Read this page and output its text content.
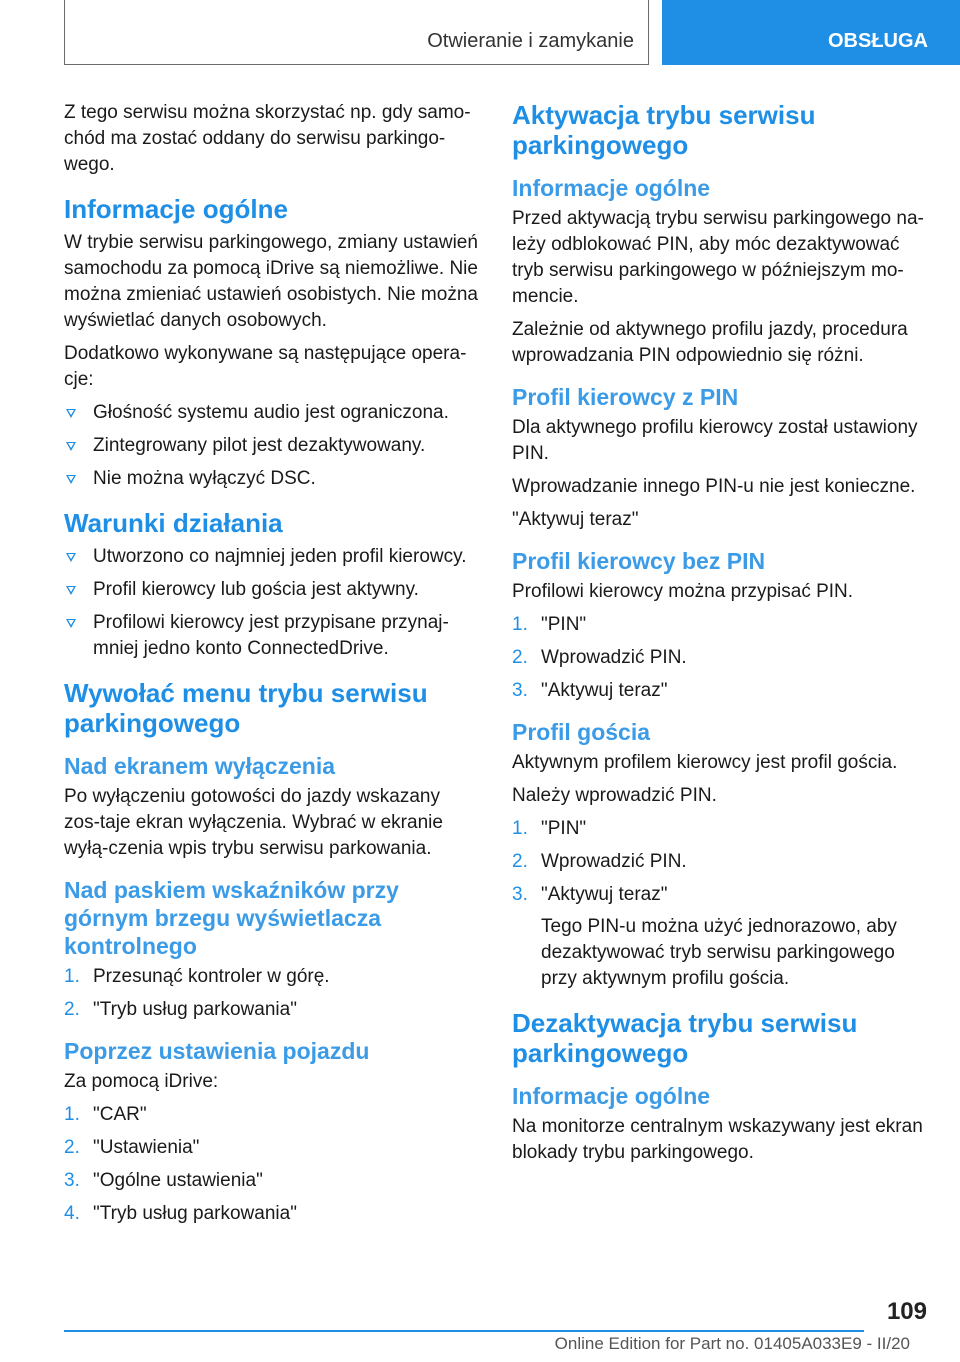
Otwieranie i zamykanie	OBSŁUGA

Z tego serwisu można skorzystać np. gdy samo-chód ma zostać oddany do serwisu parkingo-wego.

Informacje ogólne

W trybie serwisu parkingowego, zmiany ustawień samochodu za pomocą iDrive są niemożliwe. Nie można zmieniać ustawień osobistych. Nie można wyświetlać danych osobowych.

Dodatkowo wykonywane są następujące opera-cje:

Głośność systemu audio jest ograniczona.
Zintegrowany pilot jest dezaktywowany.
Nie można wyłączyć DSC.
Warunki działania
Utworzono co najmniej jeden profil kierowcy.
Profil kierowcy lub gościa jest aktywny.
Profilowi kierowcy jest przypisane przynaj-mniej jedno konto ConnectedDrive.
Wywołać menu trybu serwisu parkingowego
Nad ekranem wyłączenia

Po wyłączeniu gotowości do jazdy wskazany zos-taje ekran wyłączenia. Wybrać w ekranie wyłą-czenia wpis trybu serwisu parkowania.

Nad paskiem wskaźników przy górnym brzegu wyświetlacza kontrolnego
1. Przesunąć kontroler w górę.
2. "Tryb usług parkowania"
Poprzez ustawienia pojazdu

Za pomocą iDrive:

1. "CAR"
2. "Ustawienia"
3. "Ogólne ustawienia"
4. "Tryb usług parkowania"
Aktywacja trybu serwisu parkingowego
Informacje ogólne

Przed aktywacją trybu serwisu parkingowego na-leży odblokować PIN, aby móc dezaktywować tryb serwisu parkingowego w późniejszym mo-mencie.

Zależnie od aktywnego profilu jazdy, procedura wprowadzania PIN odpowiednio się różni.

Profil kierowcy z PIN

Dla aktywnego profilu kierowcy został ustawiony PIN.

Wprowadzanie innego PIN-u nie jest konieczne.

"Aktywuj teraz"

Profil kierowcy bez PIN

Profilowi kierowcy można przypisać PIN.

1. "PIN"
2. Wprowadzić PIN.
3. "Aktywuj teraz"
Profil gościa

Aktywnym profilem kierowcy jest profil gościa.

Należy wprowadzić PIN.

1. "PIN"
2. Wprowadzić PIN.
3. "Aktywuj teraz"
Tego PIN-u można użyć jednorazowo, aby dezaktywować tryb serwisu parkingowego przy aktywnym profilu gościa.
Dezaktywacja trybu serwisu parkingowego
Informacje ogólne

Na monitorze centralnym wskazywany jest ekran blokady trybu parkingowego.

109
Online Edition for Part no. 01405A033E9 - II/20
